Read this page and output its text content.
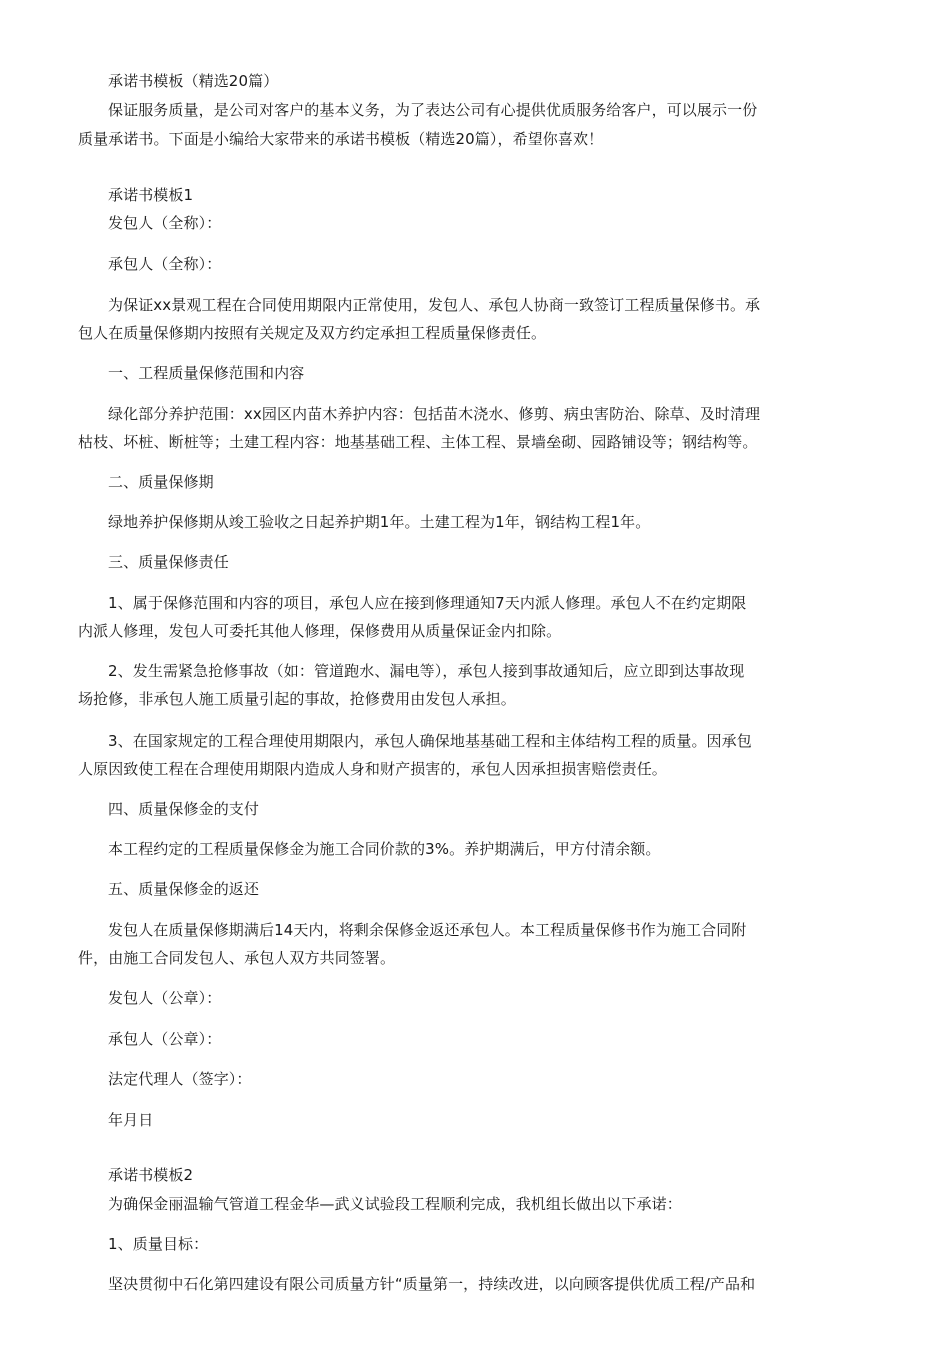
承诺书模板（精选20篇）
保证服务质量，是公司对客户的基本义务，为了表达公司有心提供优质服务给客户，可以展示一份
质量承诺书。下面是小编给大家带来的承诺书模板（精选20篇），希望你喜欢！
承诺书模板1
发包人（全称）：
承包人（全称）：
为保证xx景观工程在合同使用期限内正常使用，发包人、承包人协商一致签订工程质量保修书。承
包人在质量保修期内按照有关规定及双方约定承担工程质量保修责任。
一、工程质量保修范围和内容
绿化部分养护范围：xx园区内苗木养护内容：包括苗木浇水、修剪、病虫害防治、除草、及时清理
枯枝、坏桩、断桩等；土建工程内容：地基基础工程、主体工程、景墙垒砌、园路铺设等；钢结构等。
二、质量保修期
绿地养护保修期从竣工验收之日起养护期1年。土建工程为1年，钢结构工程1年。
三、质量保修责任
1、属于保修范围和内容的项目，承包人应在接到修理通知7天内派人修理。承包人不在约定期限
内派人修理，发包人可委托其他人修理，保修费用从质量保证金内扣除。
2、发生需紧急抢修事故（如：管道跑水、漏电等），承包人接到事故通知后，应立即到达事故现
场抢修，非承包人施工质量引起的事故，抢修费用由发包人承担。
3、在国家规定的工程合理使用期限内，承包人确保地基基础工程和主体结构工程的质量。因承包
人原因致使工程在合理使用期限内造成人身和财产损害的，承包人因承担损害赔偿责任。
四、质量保修金的支付
本工程约定的工程质量保修金为施工合同价款的3%。养护期满后，甲方付清余额。
五、质量保修金的返还
发包人在质量保修期满后14天内，将剩余保修金返还承包人。本工程质量保修书作为施工合同附
件，由施工合同发包人、承包人双方共同签署。
发包人（公章）：
承包人（公章）：
法定代理人（签字）：
年月日
承诺书模板2
为确保金丽温输气管道工程金华—武义试验段工程顺利完成，我机组长做出以下承诺：
1、质量目标：
坚决贯彻中石化第四建设有限公司质量方针“质量第一，持续改进，以向顾客提供优质工程/产品和
